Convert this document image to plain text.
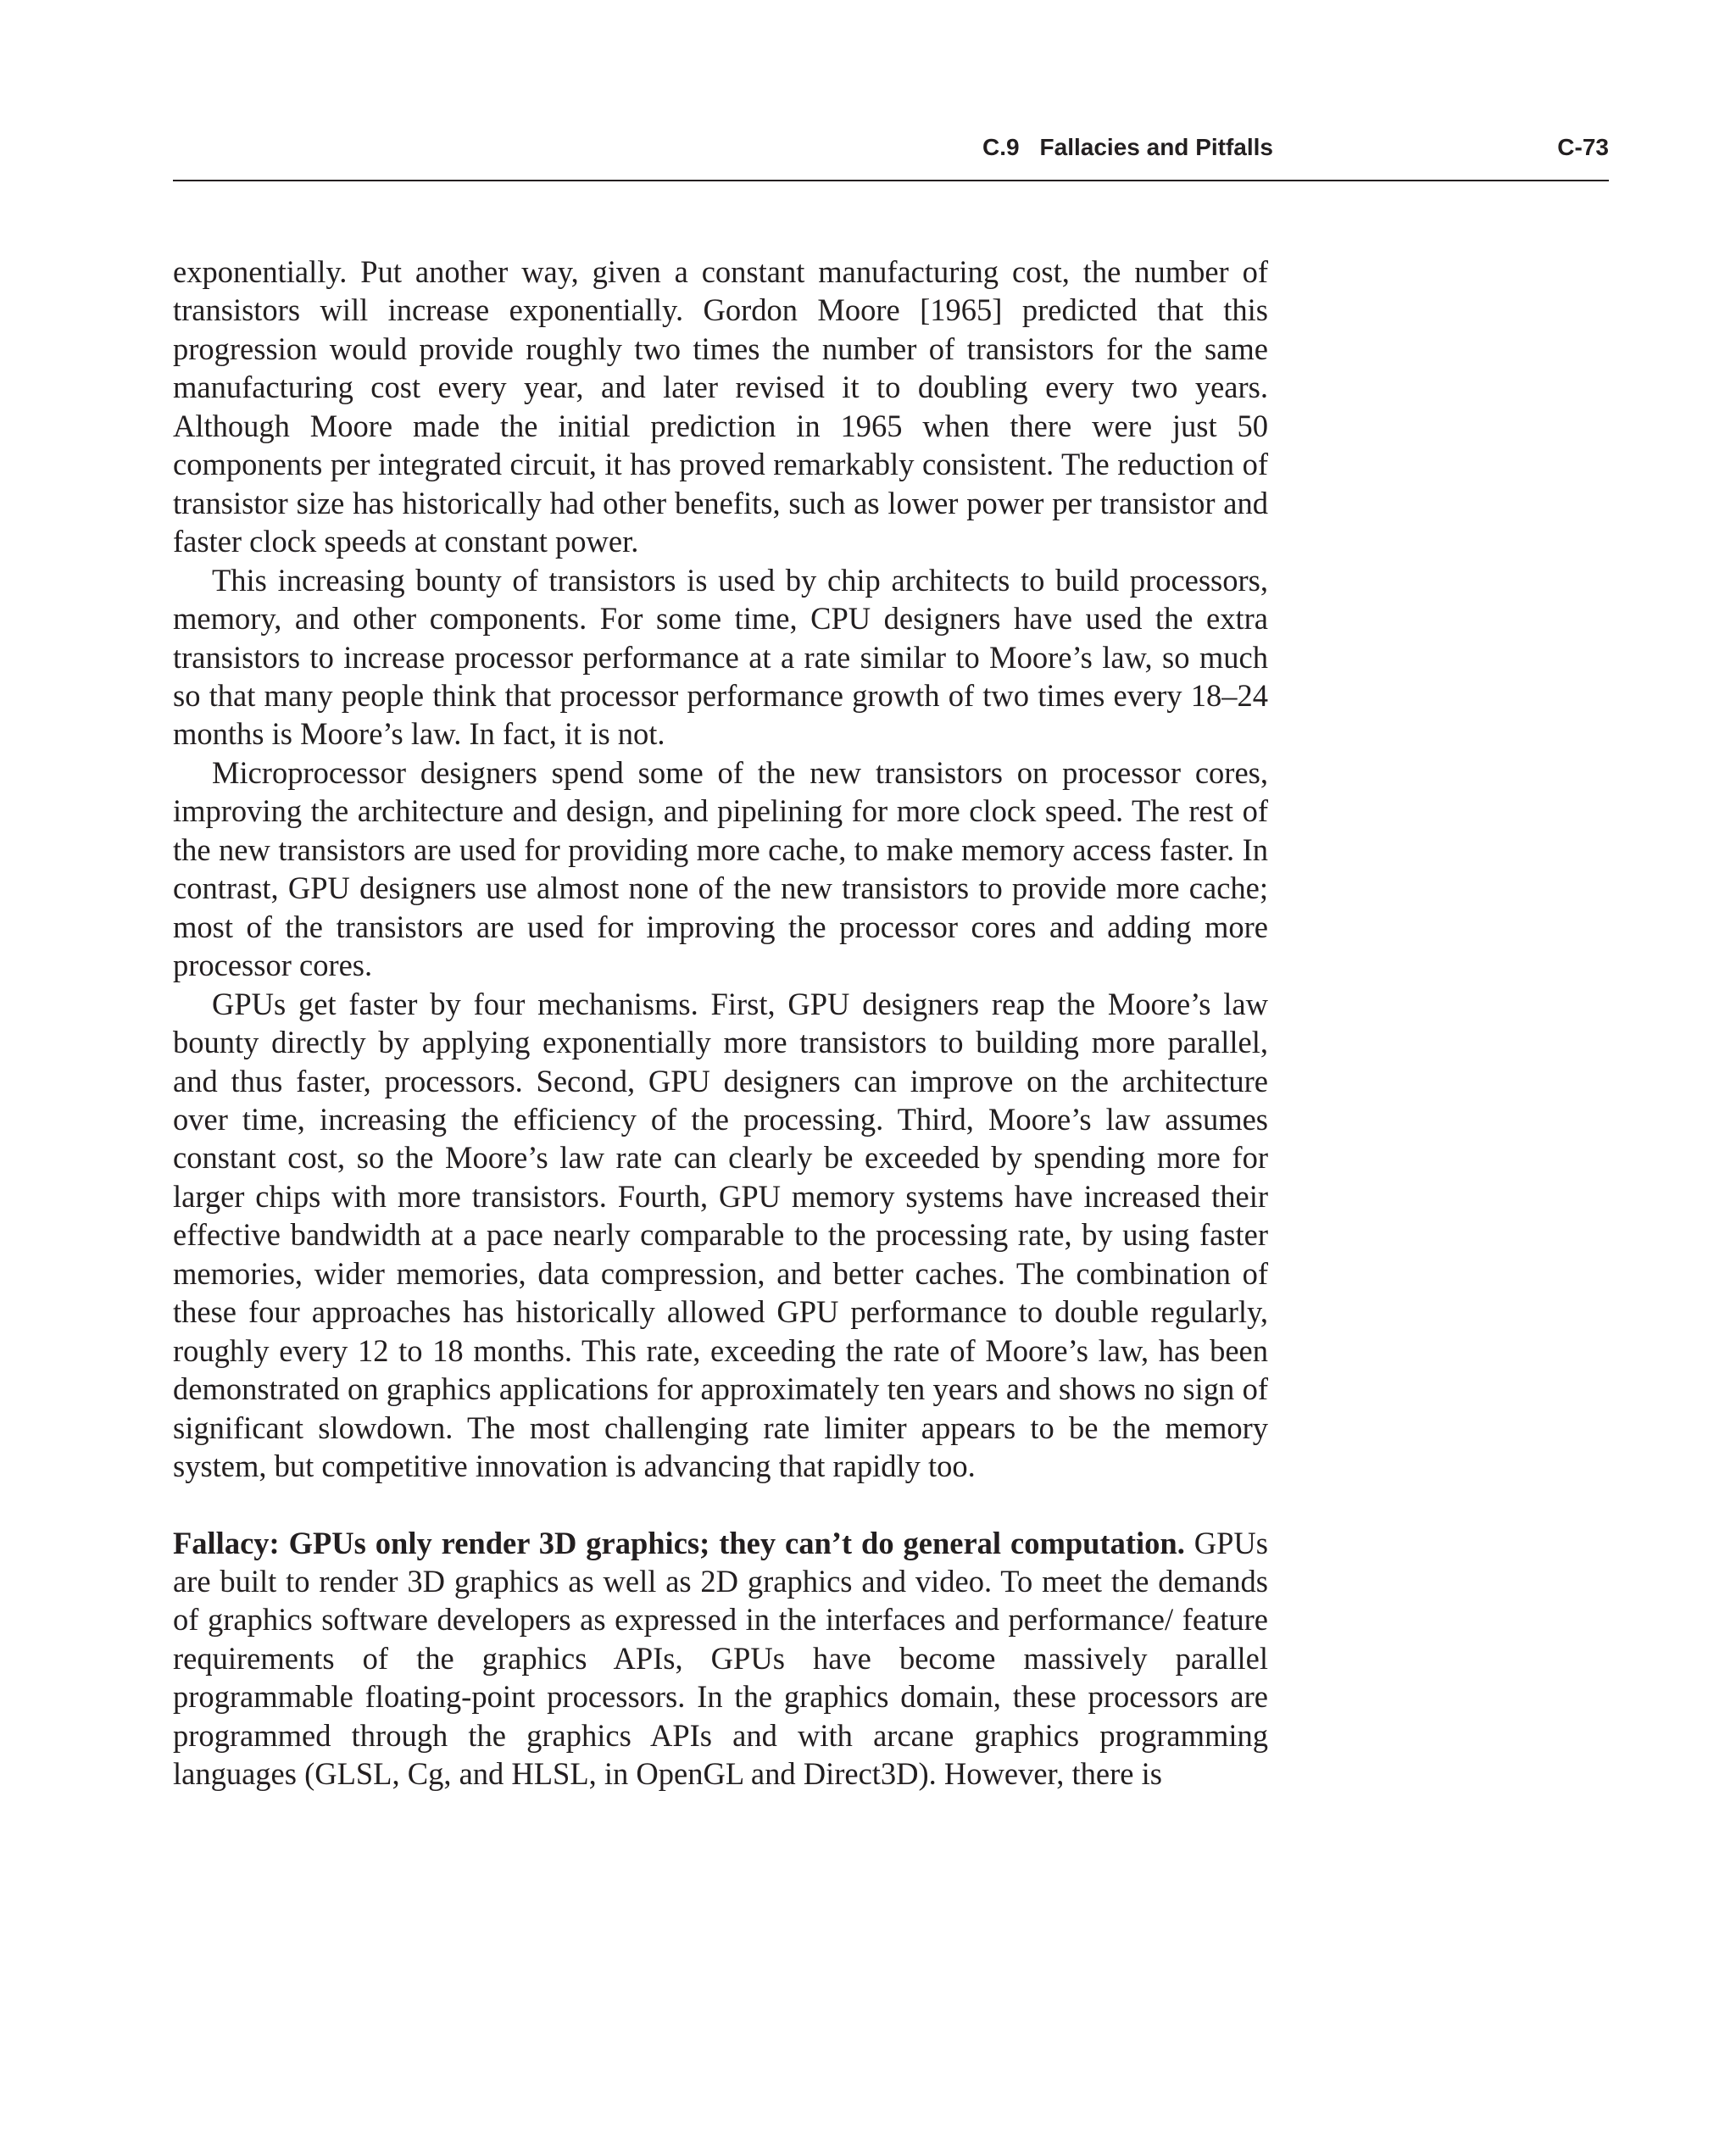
C.9 Fallacies and Pitfalls	C-73

exponentially. Put another way, given a constant manufacturing cost, the number of transistors will increase exponentially. Gordon Moore [1965] predicted that this progression would provide roughly two times the number of transistors for the same manufacturing cost every year, and later revised it to doubling every two years. Although Moore made the initial prediction in 1965 when there were just 50 components per integrated circuit, it has proved remarkably consistent. The reduction of transistor size has historically had other benefits, such as lower power per transistor and faster clock speeds at constant power.

This increasing bounty of transistors is used by chip architects to build processors, memory, and other components. For some time, CPU designers have used the extra transistors to increase processor performance at a rate similar to Moore’s law, so much so that many people think that processor performance growth of two times every 18–24 months is Moore’s law. In fact, it is not.

Microprocessor designers spend some of the new transistors on processor cores, improving the architecture and design, and pipelining for more clock speed. The rest of the new transistors are used for providing more cache, to make memory access faster. In contrast, GPU designers use almost none of the new transistors to provide more cache; most of the transistors are used for improving the processor cores and adding more processor cores.

GPUs get faster by four mechanisms. First, GPU designers reap the Moore’s law bounty directly by applying exponentially more transistors to building more parallel, and thus faster, processors. Second, GPU designers can improve on the architecture over time, increasing the efficiency of the processing. Third, Moore’s law assumes constant cost, so the Moore’s law rate can clearly be exceeded by spending more for larger chips with more transistors. Fourth, GPU memory systems have increased their effective bandwidth at a pace nearly comparable to the processing rate, by using faster memories, wider memories, data compression, and better caches. The combination of these four approaches has historically allowed GPU performance to double regularly, roughly every 12 to 18 months. This rate, exceeding the rate of Moore’s law, has been demonstrated on graphics applications for approximately ten years and shows no sign of significant slowdown. The most challenging rate limiter appears to be the memory system, but competitive innovation is advancing that rapidly too.

Fallacy: GPUs only render 3D graphics; they can’t do general computation. GPUs are built to render 3D graphics as well as 2D graphics and video. To meet the demands of graphics software developers as expressed in the interfaces and performance/ feature requirements of the graphics APIs, GPUs have become massively parallel programmable floating-point processors. In the graphics domain, these processors are programmed through the graphics APIs and with arcane graphics programming languages (GLSL, Cg, and HLSL, in OpenGL and Direct3D). However, there is
